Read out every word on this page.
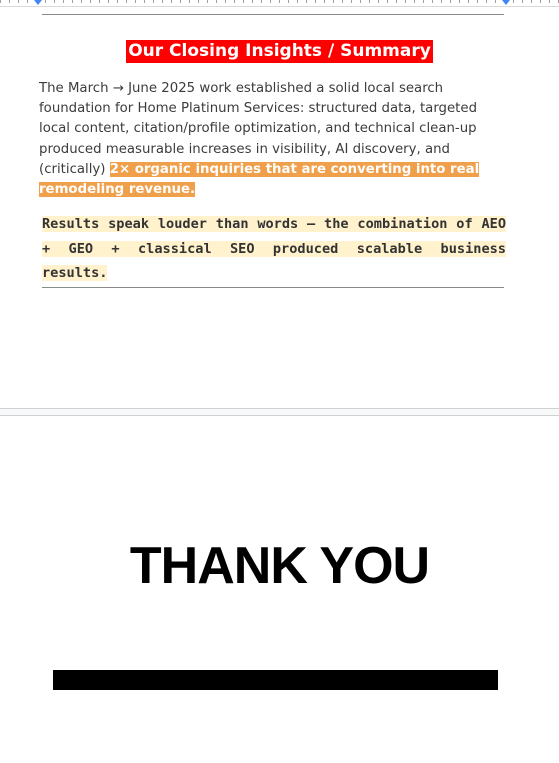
Our Closing Insights / Summary

The March → June 2025 work established a solid local search foundation for Home Platinum Services: structured data, targeted local content, citation/profile optimization, and technical clean-up produced measurable increases in visibility, AI discovery, and (critically) 2× organic inquiries that are converting into real remodeling revenue.

Results speak louder than words – the combination of AEO + GEO + classical SEO produced scalable business results.

THANK YOU
